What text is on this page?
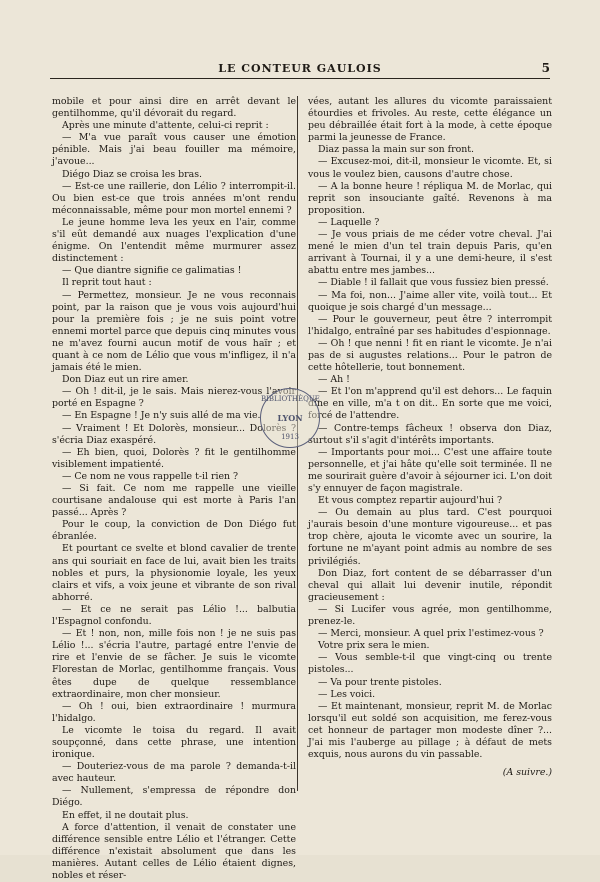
LE CONTEUR GAULOIS	5

mobile et pour ainsi dire en arrêt devant le gentilhomme, qu'il dévorait du regard.

Après une minute d'attente, celui-ci reprit :

— M'a vue paraît vous causer une émotion pénible. Mais j'ai beau fouiller ma mémoire, j'avoue...

Diégo Diaz se croisa les bras.

— Est-ce une raillerie, don Lélio ? interrompit-il. Ou bien est-ce que trois années m'ont rendu méconnaissable, même pour mon mortel ennemi ?

Le jeune homme leva les yeux en l'air, comme s'il eût demandé aux nuages l'explication d'une énigme. On l'entendit même murmurer assez distinctement :

— Que diantre signifie ce galimatias !

Il reprit tout haut :

— Permettez, monsieur. Je ne vous reconnais point, par la raison que je vous vois aujourd'hui pour la première fois ; je ne suis point votre ennemi mortel parce que depuis cinq minutes vous ne m'avez fourni aucun motif de vous haïr ; et quant à ce nom de Lélio que vous m'infligez, il n'a jamais été le mien.

Don Diaz eut un rire amer.

— Oh ! dit-il, je le sais. Mais nierez-vous l'avoir porté en Espagne ?

— En Espagne ! Je n'y suis allé de ma vie.

— Vraiment ! Et Dolorès, monsieur... Dolorès ? s'écria Diaz exaspéré.

— Eh bien, quoi, Dolorès ? fit le gentilhomme visiblement impatienté.

— Ce nom ne vous rappelle t-il rien ?

— Si fait. Ce nom me rappelle une vieille courtisane andalouse qui est morte à Paris l'an passé... Après ?

Pour le coup, la conviction de Don Diégo fut ébranlée.

Et pourtant ce svelte et blond cavalier de trente ans qui souriait en face de lui, avait bien les traits nobles et purs, la physionomie loyale, les yeux clairs et vifs, a voix jeune et vibrante de son rival abhorré.

— Et ce ne serait pas Lélio !... balbutia l'Espagnol confondu.

— Et ! non, non, mille fois non ! je ne suis pas Lélio !... s'écria l'autre, partagé entre l'envie de rire et l'envie de se fâcher. Je suis le vicomte Florestan de Morlac, gentilhomme français. Vous êtes dupe de quelque ressemblance extraordinaire, mon cher monsieur.

— Oh ! oui, bien extraordinaire ! murmura l'hidalgo.

Le vicomte le toisa du regard. Il avait soupçonné, dans cette phrase, une intention ironique.

— Douteriez-vous de ma parole ? demanda-t-il avec hauteur.

— Nullement, s'empressa de répondre don Diégo.

En effet, il ne doutait plus.

A force d'attention, il venait de constater une différence sensible entre Lélio et l'étranger. Cette différence n'existait absolument que dans les manières. Autant celles de Lélio étaient dignes, nobles et réser-

vées, autant les allures du vicomte paraissaient étourdies et frivoles. Au reste, cette élégance un peu débraillée était fort à la mode, à cette époque parmi la jeunesse de France.

Diaz passa la main sur son front.

— Excusez-moi, dit-il, monsieur le vicomte. Et, si vous le voulez bien, causons d'autre chose.

— A la bonne heure ! répliqua M. de Morlac, qui reprit son insouciante gaîté. Revenons à ma proposition.

— Laquelle ?

— Je vous priais de me céder votre cheval. J'ai mené le mien d'un tel train depuis Paris, qu'en arrivant à Tournai, il y a une demi-heure, il s'est abattu entre mes jambes...

— Diable ! il fallait que vous fussiez bien pressé.

— Ma foi, non... J'aime aller vite, voilà tout... Et quoique je sois chargé d'un message...

— Pour le gouverneur, peut être ? interrompit l'hidalgo, entraîné par ses habitudes d'espionnage.

— Oh ! que nenni ! fit en riant le vicomte. Je n'ai pas de si augustes relations... Pour le patron de cette hôtellerie, tout bonnement.

— Ah !

— Et l'on m'apprend qu'il est dehors... Le faquin dîne en ville, m'a t on dit.. En sorte que me voici, forcé de l'attendre.

— Contre-temps fâcheux ! observa don Diaz, surtout s'il s'agit d'intérêts importants.

— Importants pour moi... C'est une affaire toute personnelle, et j'ai hâte qu'elle soit terminée. Il ne me sourirait guère d'avoir à séjourner ici. L'on doit s'y ennuyer de façon magistrale.

Et vous comptez repartir aujourd'hui ?

— Ou demain au plus tard. C'est pourquoi j'aurais besoin d'une monture vigoureuse... et pas trop chère, ajouta le vicomte avec un sourire, la fortune ne m'ayant point admis au nombre de ses privilégiés.

Don Diaz, fort content de se débarrasser d'un cheval qui allait lui devenir inutile, répondit gracieusement :

— Si Lucifer vous agrée, mon gentilhomme, prenez-le.

— Merci, monsieur. A quel prix l'estimez-vous ?

Votre prix sera le mien.

— Vous semble-t-il que vingt-cinq ou trente pistoles...

— Va pour trente pistoles.

— Les voici.

— Et maintenant, monsieur, reprit M. de Morlac lorsqu'il eut soldé son acquisition, me ferez-vous cet honneur de partager mon modeste dîner ?... J'ai mis l'auberge au pillage ; à défaut de mets exquis, nous aurons du vin passable.

(A suivre.)

BIBLIOTHÈQUE
LYON
1913
